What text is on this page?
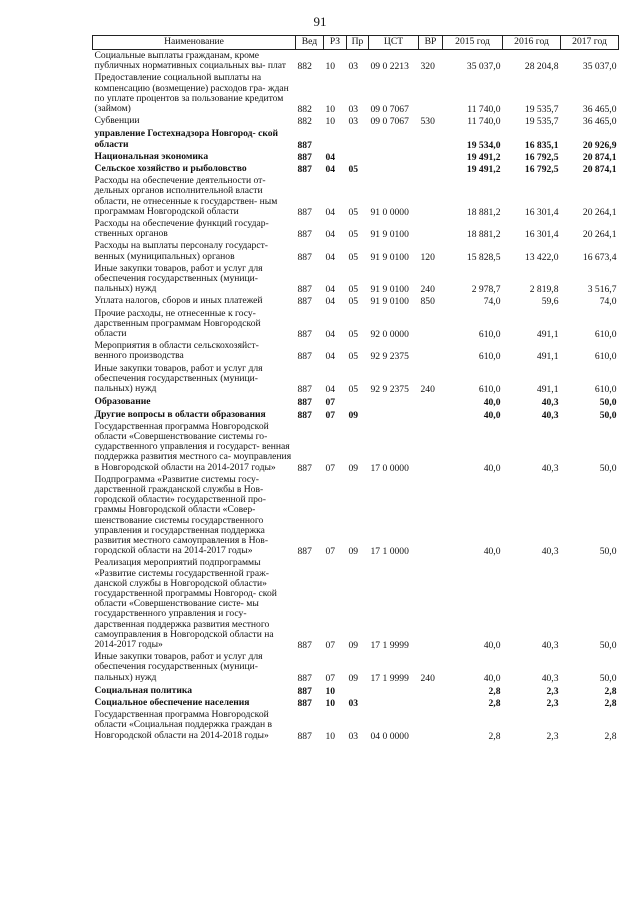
91
Наименование	Вед	РЗ	Пр	ЦСТ	ВР	2015 год	2016 год	2017 год
Социальные выплаты гражданам, кроме публичных нормативных социальных вы- плат	882	10	03	09 0 2213	320	35 037,0	28 204,8	35 037,0
Предоставление социальной выплаты на компенсацию (возмещение) расходов гра- ждан по уплате процентов за пользование кредитом (займом)	882	10	03	09 0 7067		11 740,0	19 535,7	36 465,0
Субвенции	882	10	03	09 0 7067	530	11 740,0	19 535,7	36 465,0
управление Гостехнадзора Новгород- ской области	887					19 534,0	16 835,1	20 926,9
Национальная экономика	887	04				19 491,2	16 792,5	20 874,1
Сельское хозяйство и рыболовство	887	04	05			19 491,2	16 792,5	20 874,1
Расходы на обеспечение деятельности от- дельных органов исполнительной власти области, не отнесенные к государствен- ным программам Новгородской области	887	04	05	91 0 0000		18 881,2	16 301,4	20 264,1
Расходы на обеспечение функций государ- ственных органов	887	04	05	91 9 0100		18 881,2	16 301,4	20 264,1
Расходы на выплаты персоналу государст- венных (муниципальных) органов	887	04	05	91 9 0100	120	15 828,5	13 422,0	16 673,4
Иные закупки товаров, работ и услуг для обеспечения государственных (муници- пальных) нужд	887	04	05	91 9 0100	240	2 978,7	2 819,8	3 516,7
Уплата налогов, сборов и иных платежей	887	04	05	91 9 0100	850	74,0	59,6	74,0
Прочие расходы, не отнесенные к госу- дарственным программам Новгородской области	887	04	05	92 0 0000		610,0	491,1	610,0
Мероприятия в области сельскохозяйст- венного производства	887	04	05	92 9 2375		610,0	491,1	610,0
Иные закупки товаров, работ и услуг для обеспечения государственных (муници- пальных) нужд	887	04	05	92 9 2375	240	610,0	491,1	610,0
Образование	887	07				40,0	40,3	50,0
Другие вопросы в области образования	887	07	09			40,0	40,3	50,0
Государственная программа Новгородской области «Совершенствование системы го- сударственного управления и государст- венная поддержка развития местного са- моуправления в Новгородской области на 2014-2017 годы»	887	07	09	17 0 0000		40,0	40,3	50,0
Подпрограмма «Развитие системы госу- дарственной гражданской службы в Нов- городской области» государственной про- граммы Новгородской области «Совер- шенствование системы государственного управления и государственная поддержка развития местного самоуправления в Нов- городской области на 2014-2017 годы»	887	07	09	17 1 0000		40,0	40,3	50,0
Реализация мероприятий подпрограммы «Развитие системы государственной граж- данской службы в Новгородской области» государственной программы Новгород- ской области «Совершенствование систе- мы государственного управления и госу- дарственная поддержка развития местного самоуправления в Новгородской области на 2014-2017 годы»	887	07	09	17 1 9999		40,0	40,3	50,0
Иные закупки товаров, работ и услуг для обеспечения государственных (муници- пальных) нужд	887	07	09	17 1 9999	240	40,0	40,3	50,0
Социальная политика	887	10				2,8	2,3	2,8
Социальное обеспечение населения	887	10	03			2,8	2,3	2,8
Государственная программа Новгородской области «Социальная поддержка граждан в Новгородской области на 2014-2018 годы»	887	10	03	04 0 0000		2,8	2,3	2,8
